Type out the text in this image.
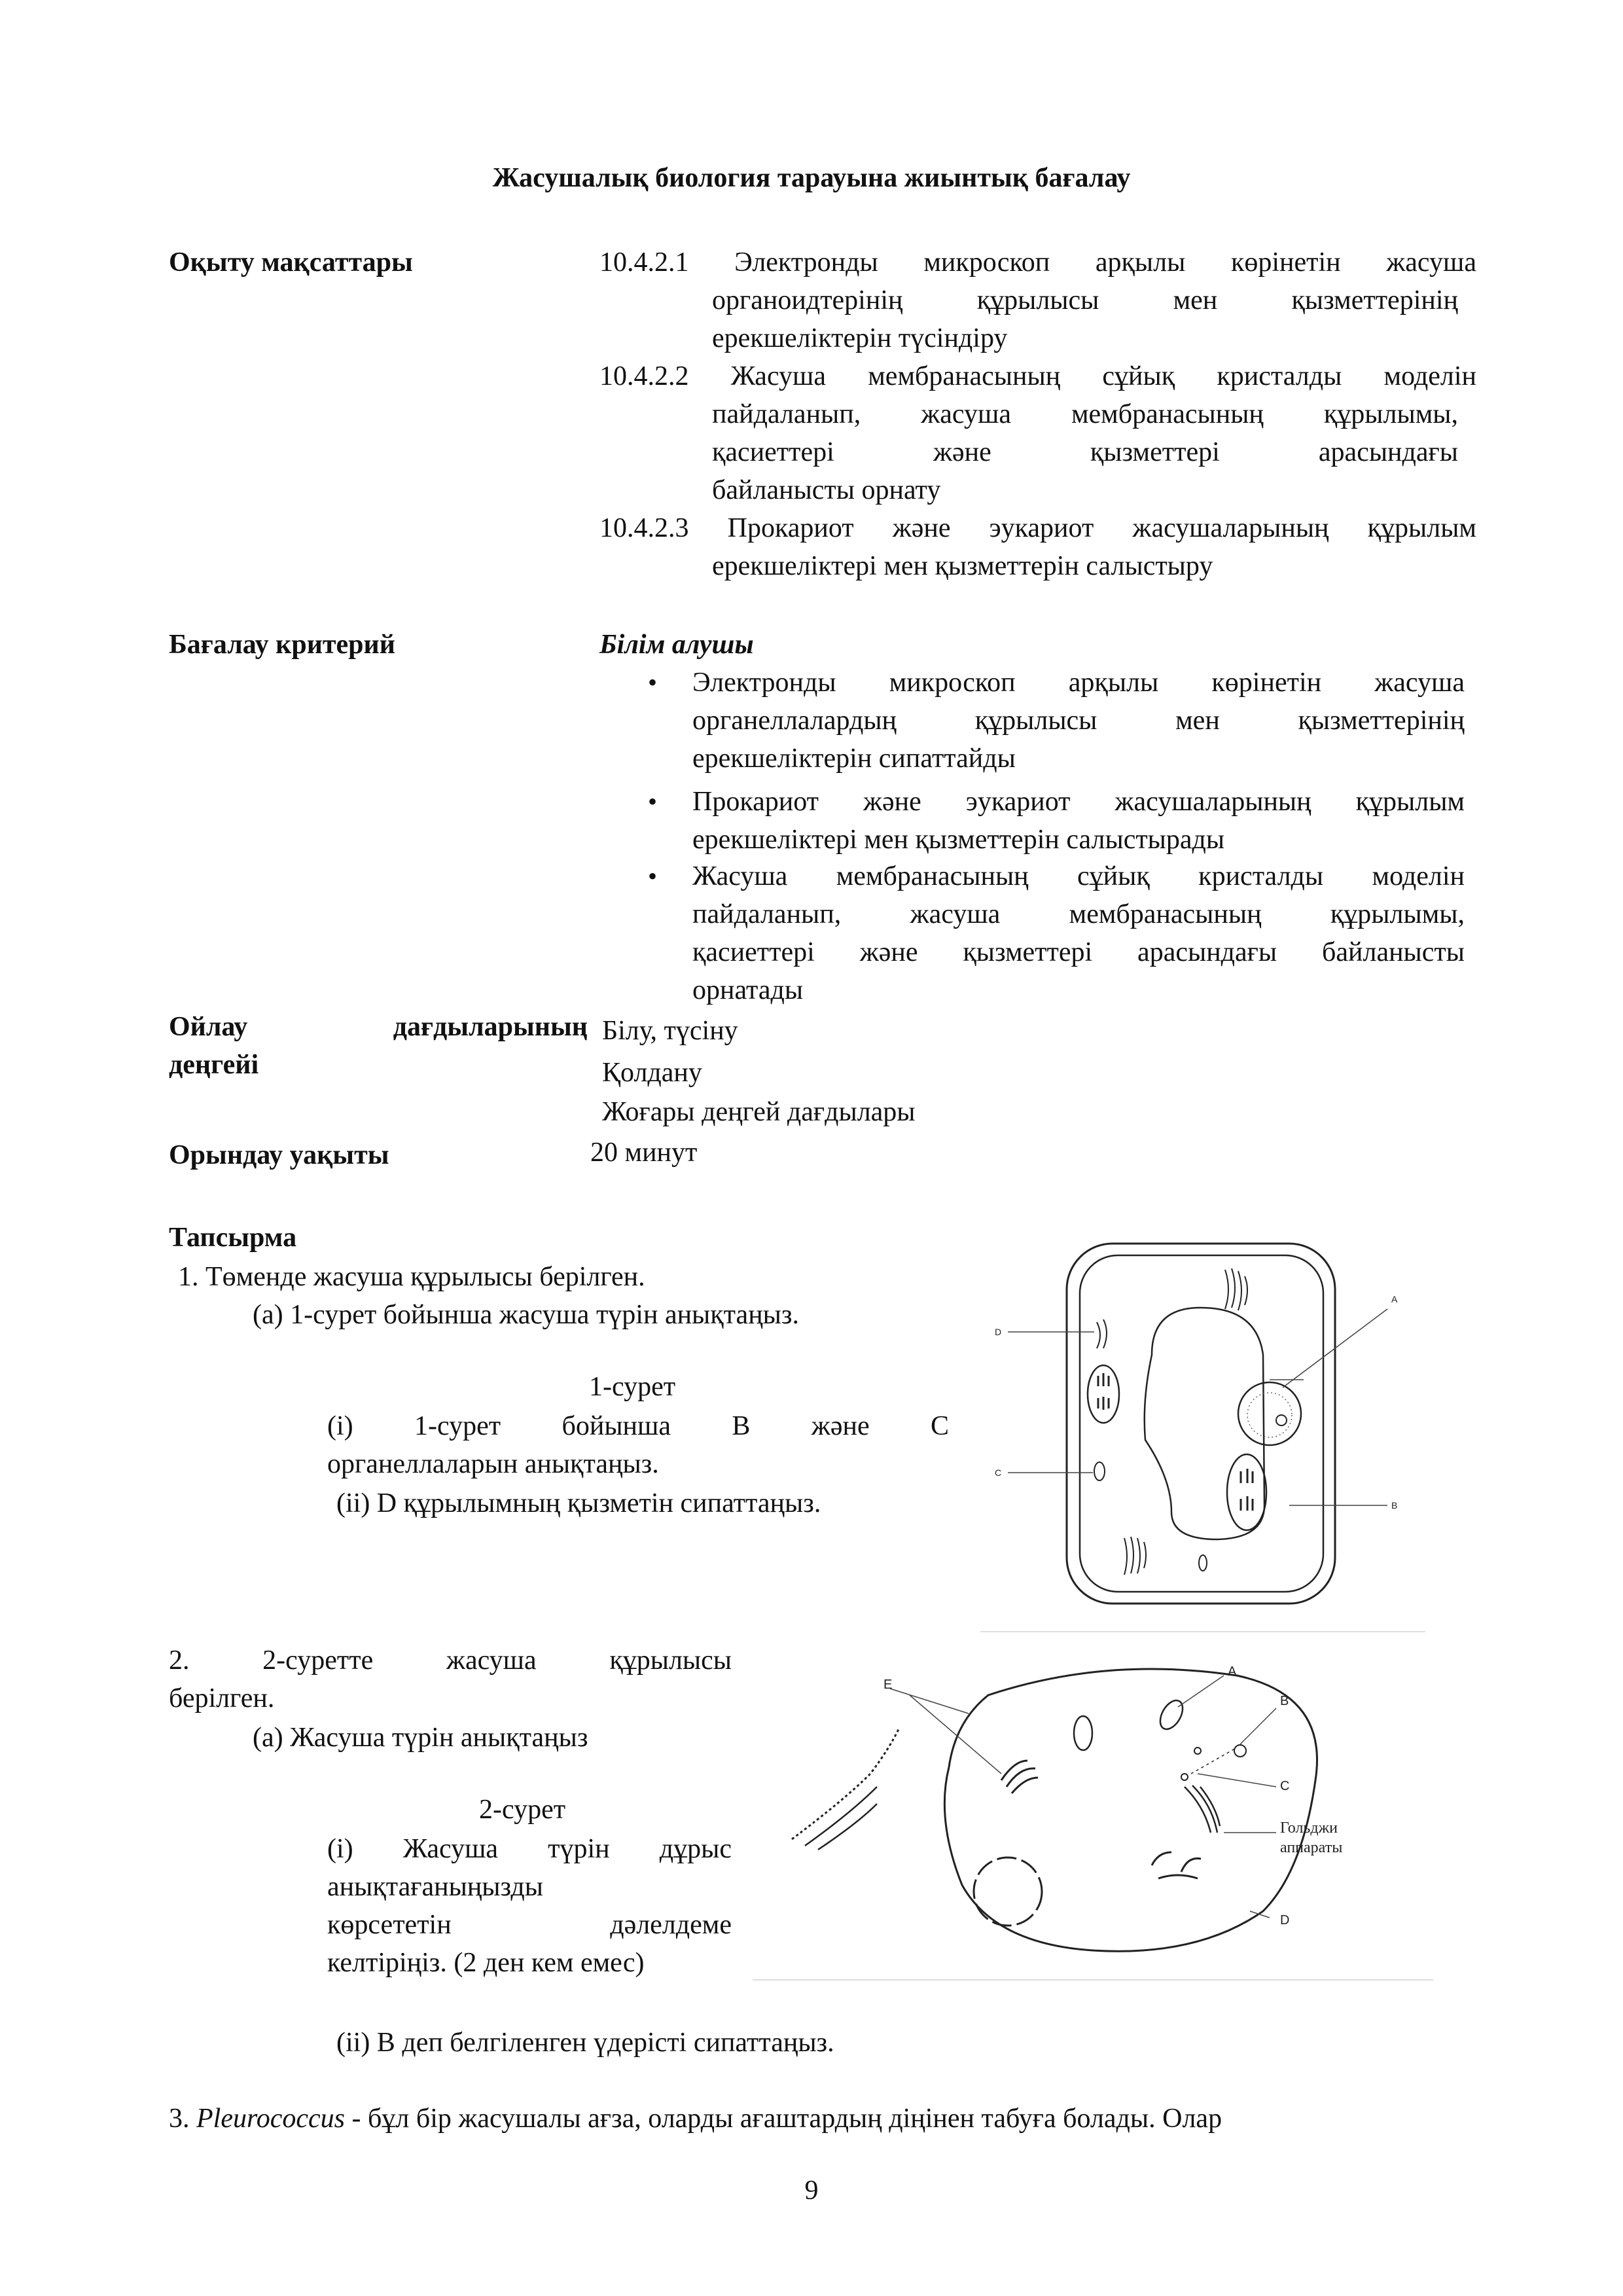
Жасушалық биология тарауына жиынтық бағалау
Оқыту мақсаттары	10.4.2.1 Электронды микроскоп арқылы көрінетін жасуша
органоидтерінің құрылысы мен қызметтерінің
ерекшеліктерін түсіндіру
10.4.2.2 Жасуша мембранасының сұйық кристалды моделін
пайдаланып, жасуша мембранасының құрылымы,
қасиеттері және қызметтері арасындағы
байланысты орнату
10.4.2.3 Прокариот және эукариот жасушаларының құрылым
ерекшеліктері мен қызметтерін салыстыру
Бағалау критерий	Білім алушы
• Электронды микроскоп арқылы көрінетін жасуша
органеллалардың құрылысы мен қызметтерінің
ерекшеліктерін сипаттайды
• Прокариот және эукариот жасушаларының құрылым
ерекшеліктері мен қызметтерін салыстырады
• Жасуша мембранасының сұйық кристалды моделін
пайдаланып, жасуша мембранасының құрылымы,
қасиеттері және қызметтері арасындағы байланысты
орнатады
Ойлау	дағдыларының
деңгейі
Білу, түсіну
Қолдану
Жоғары деңгей дағдылары
Орындау уақыты	20 минут
Тапсырма
1. Төменде жасуша құрылысы берілген.
(а) 1-сурет бойынша жасуша түрін анықтаңыз.
1-сурет
(i) 1-сурет бойынша В және С
органеллаларын анықтаңыз.
(ii) D құрылымның қызметін сипаттаңыз.
D
C
A
B
2. 2-суретте жасуша құрылысы
берілген.
(а) Жасуша түрін анықтаңыз
2-сурет
(i) Жасуша түрін дұрыс
анықтағаныңызды
көрсететін дәлелдеме
келтіріңіз. (2 ден кем емес)
(ii) В деп белгіленген үдерісті сипаттаңыз.
E
A
B
C
D
Гольджи
аппараты
3. Pleurococcus - бұл бір жасушалы ағза, оларды ағаштардың діңінен табуға болады. Олар
9
